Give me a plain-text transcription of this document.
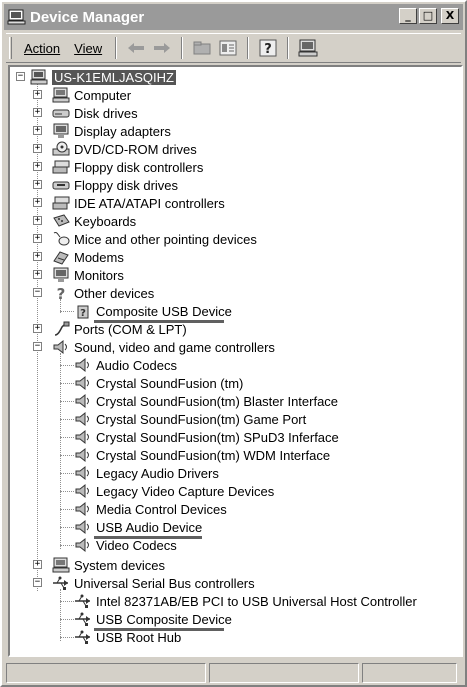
Device Manager	_	□	X
Action	View	?
− US-K1EMLJASQIHZ
+	Computer
+	Disk drives
+	Display adapters
+	DVD/CD-ROM drives
+	Floppy disk controllers
+	Floppy disk drives
+	IDE ATA/ATAPI controllers
+	Keyboards
+	Mice and other pointing devices
+	Modems
+	Monitors
− ? Other devices
? Composite USB Device
+	Ports (COM & LPT)
−	Sound, video and game controllers
Audio Codecs
Crystal SoundFusion (tm)
Crystal SoundFusion(tm) Blaster Interface
Crystal SoundFusion(tm) Game Port
Crystal SoundFusion(tm) SPuD3 Inferface
Crystal SoundFusion(tm) WDM Interface
Legacy Audio Drivers
Legacy Video Capture Devices
Media Control Devices
USB Audio Device
Video Codecs
+	System devices
−	Universal Serial Bus controllers
Intel 82371AB/EB PCI to USB Universal Host Controller
USB Composite Device
USB Root Hub
